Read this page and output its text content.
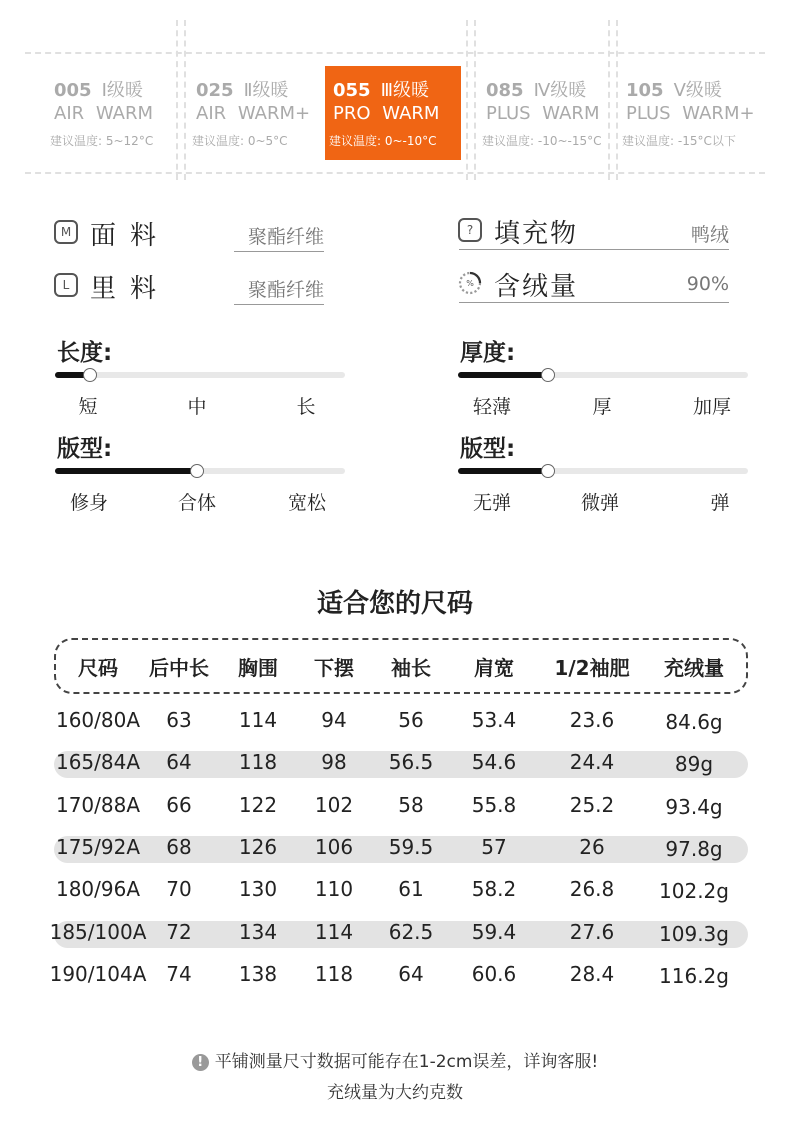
005 Ⅰ级暖
AIR WARM
建议温度: 5~12°C
025 Ⅱ级暖
AIR WARM+
建议温度: 0~5°C
055 Ⅲ级暖
PRO WARM
建议温度: 0~-10°C
085 Ⅳ级暖
PLUS WARM
建议温度: -10~-15°C
105 Ⅴ级暖
PLUS WARM+
建议温度: -15°C以下
M 面料	聚酯纤维
L 里料	聚酯纤维
? 填充物	鸭绒
% 含绒量	90%
长度:
短	中	长
厚度:
轻薄	厚	加厚
版型:
修身	合体	宽松
版型:
无弹	微弹	弹
适合您的尺码
尺码 后中长 胸围 下摆 袖长 肩宽 1/2袖肥 充绒量
160/80A 63 114 94	56 53.4	23.6	84.6g
165/84A 64 118 98 56.5 54.6	24.4	89g
170/88A 66 122 102 58 55.8	25.2	93.4g
175/92A 68 126 106 59.5 57	26	97.8g
180/96A 70 130 110 61 58.2	26.8 102.2g
185/100A 72 134 114 62.5 59.4	27.6 109.3g
190/104A 74 138 118 64 60.6	28.4 116.2g
! 平铺测量尺寸数据可能存在1-2cm误差，详询客服!
充绒量为大约克数
